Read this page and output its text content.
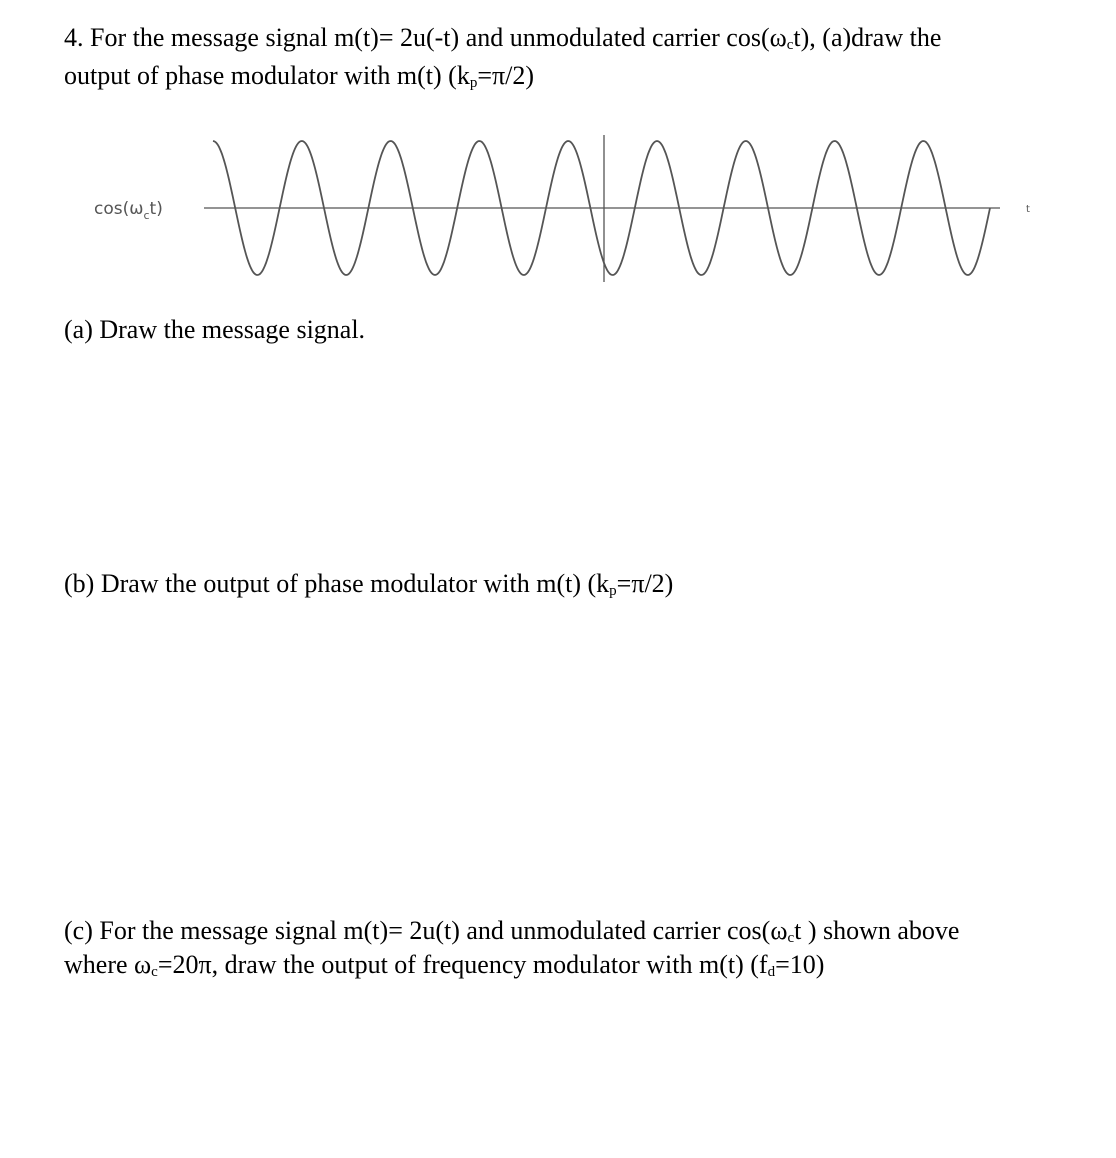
4. For the message signal m(t)= 2u(-t) and unmodulated carrier $\cos(\omega_ct)$, (a)draw the
output of phase modulator with m(t) $(k_p=\pi/2)$
$\cos(\omega_ct)$	t
(a) Draw the message signal.
(b) Draw the output of phase modulator with m(t) $(k_p=\pi/2)$
(c) For the message signal m(t)= 2u(t) and unmodulated carrier $\cos(\omega_ct$ ) shown above
where $\omega_c=20\pi$, draw the output of frequency modulator with m(t) $(f_d=10)$
